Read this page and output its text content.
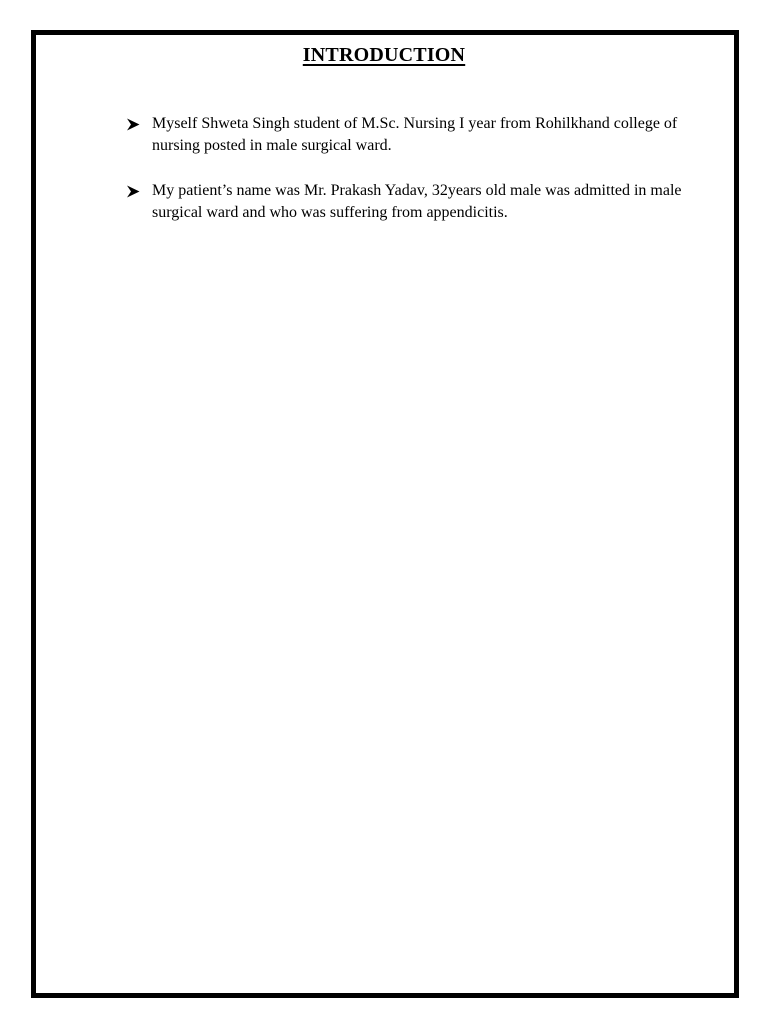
INTRODUCTION
Myself Shweta Singh student of M.Sc. Nursing I year from Rohilkhand college of nursing posted in male surgical ward.
My patient’s name was Mr. Prakash Yadav, 32years old male was admitted in male surgical ward and who was suffering from appendicitis.
